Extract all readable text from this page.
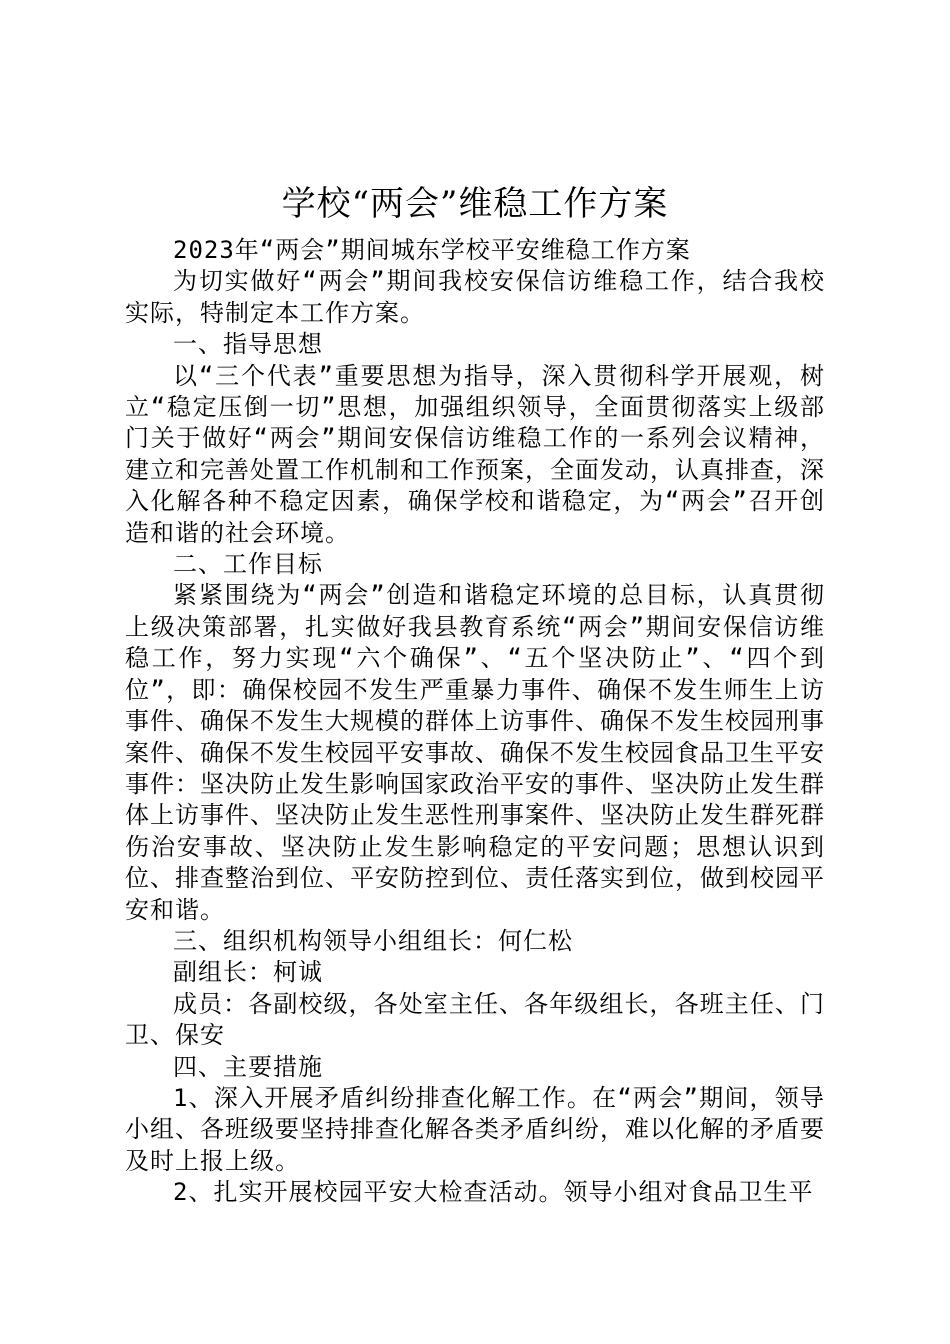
学校“两会”维稳工作方案

2023年“两会”期间城东学校平安维稳工作方案

为切实做好“两会”期间我校安保信访维稳工作，结合我校实际，特制定本工作方案。

一、指导思想

以“三个代表”重要思想为指导，深入贯彻科学开展观，树立“稳定压倒一切”思想，加强组织领导，全面贯彻落实上级部门关于做好“两会”期间安保信访维稳工作的一系列会议精神，建立和完善处置工作机制和工作预案，全面发动，认真排查，深入化解各种不稳定因素，确保学校和谐稳定，为“两会”召开创造和谐的社会环境。

二、工作目标

紧紧围绕为“两会”创造和谐稳定环境的总目标，认真贯彻上级决策部署，扎实做好我县教育系统“两会”期间安保信访维稳工作，努力实现“六个确保”、“五个坚决防止”、“四个到位”，即：确保校园不发生严重暴力事件、确保不发生师生上访事件、确保不发生大规模的群体上访事件、确保不发生校园刑事案件、确保不发生校园平安事故、确保不发生校园食品卫生平安事件：坚决防止发生影响国家政治平安的事件、坚决防止发生群体上访事件、坚决防止发生恶性刑事案件、坚决防止发生群死群伤治安事故、坚决防止发生影响稳定的平安问题；思想认识到位、排查整治到位、平安防控到位、责任落实到位，做到校园平安和谐。

三、组织机构领导小组组长：何仁松

副组长：柯诚

成员：各副校级，各处室主任、各年级组长，各班主任、门卫、保安

四、主要措施

1、深入开展矛盾纠纷排查化解工作。在“两会”期间，领导小组、各班级要坚持排查化解各类矛盾纠纷，难以化解的矛盾要及时上报上级。

2、扎实开展校园平安大检查活动。领导小组对食品卫生平
